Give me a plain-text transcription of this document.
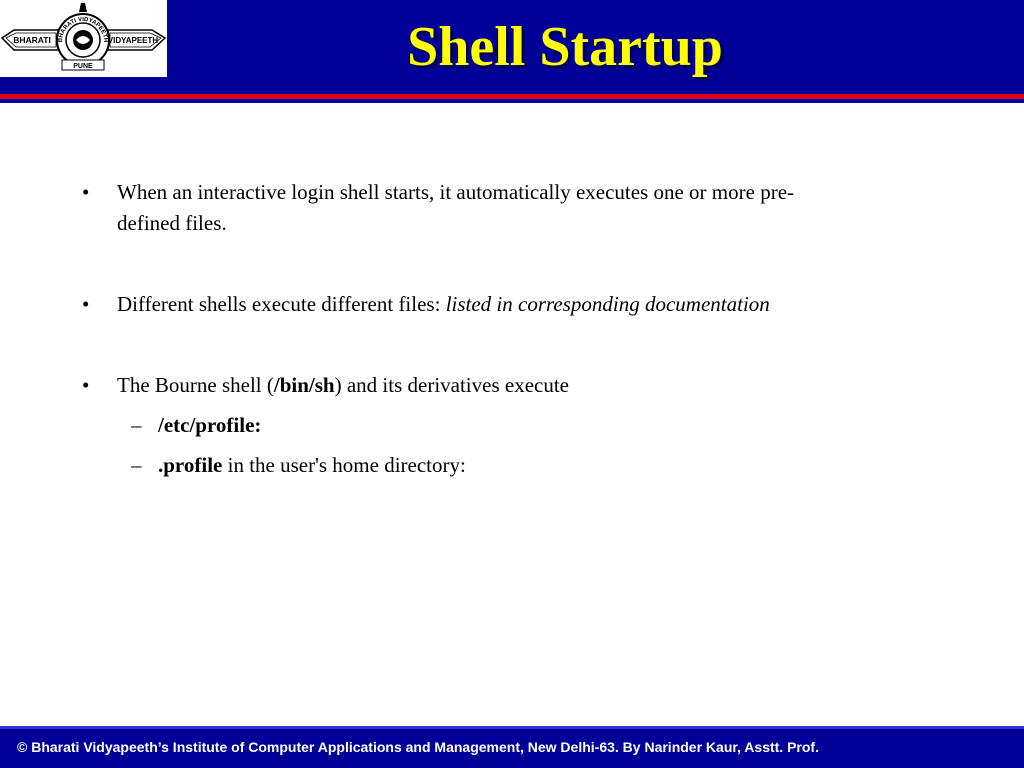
BHARATI	VIDYAPEETH
PUNE
BHARATI VIDYAPEETH	Shell Startup
• When an interactive login shell starts, it automatically executes one or more pre-
defined files.
• Different shells execute different files: listed in corresponding documentation
• The Bourne shell (/bin/sh) and its derivatives execute
– /etc/profile:
– .profile in the user's home directory:
© Bharati Vidyapeeth’s Institute of Computer Applications and Management, New Delhi-63. By Narinder Kaur, Asstt. Prof.
